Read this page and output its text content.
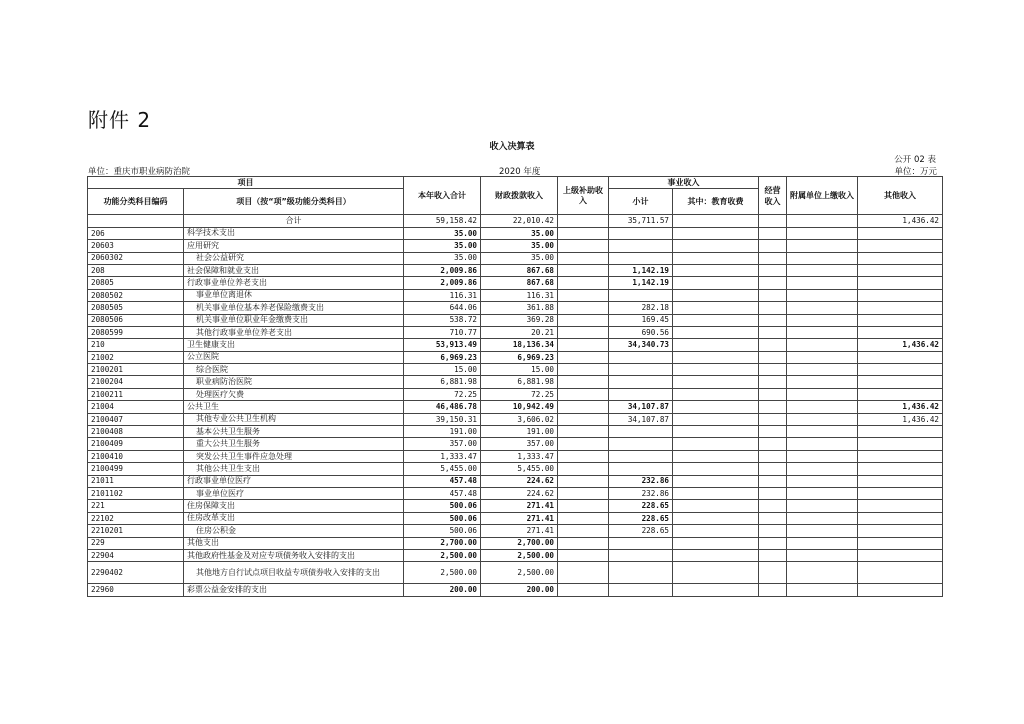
附件 2
收入决算表
公开 02 表
单位：重庆市职业病防治院	2020 年度	单位：万元
项目		本年收入合计	财政拨款收入	上级补助收入	事业收入		经营收入	附属单位上缴收入	其他收入
功能分类科目编码	项目（按“项”级功能分类科目）								
					小计	其中：教育收费			
	合计	59,158.42	22,010.42		35,711.57				1,436.42
206	科学技术支出	35.00	35.00						
20603	应用研究	35.00	35.00						
2060302	社会公益研究	35.00	35.00						
208	社会保障和就业支出	2,009.86	867.68		1,142.19				
20805	行政事业单位养老支出	2,009.86	867.68		1,142.19				
2080502	事业单位离退休	116.31	116.31						
2080505	机关事业单位基本养老保险缴费支出	644.06	361.88		282.18				
2080506	机关事业单位职业年金缴费支出	538.72	369.28		169.45				
2080599	其他行政事业单位养老支出	710.77	20.21		690.56				
210	卫生健康支出	53,913.49	18,136.34		34,340.73				1,436.42
21002	公立医院	6,969.23	6,969.23						
2100201	综合医院	15.00	15.00						
2100204	职业病防治医院	6,881.98	6,881.98						
2100211	处理医疗欠费	72.25	72.25						
21004	公共卫生	46,486.78	10,942.49		34,107.87				1,436.42
2100407	其他专业公共卫生机构	39,150.31	3,606.02		34,107.87				1,436.42
2100408	基本公共卫生服务	191.00	191.00						
2100409	重大公共卫生服务	357.00	357.00						
2100410	突发公共卫生事件应急处理	1,333.47	1,333.47						
2100499	其他公共卫生支出	5,455.00	5,455.00						
21011	行政事业单位医疗	457.48	224.62		232.86				
2101102	事业单位医疗	457.48	224.62		232.86				
221	住房保障支出	500.06	271.41		228.65				
22102	住房改革支出	500.06	271.41		228.65				
2210201	住房公积金	500.06	271.41		228.65				
229	其他支出	2,700.00	2,700.00						
22904	其他政府性基金及对应专项债务收入安排的支出	2,500.00	2,500.00						
2290402	其他地方自行试点项目收益专项债券收入安排的支出	2,500.00	2,500.00						
22960	彩票公益金安排的支出	200.00	200.00						
